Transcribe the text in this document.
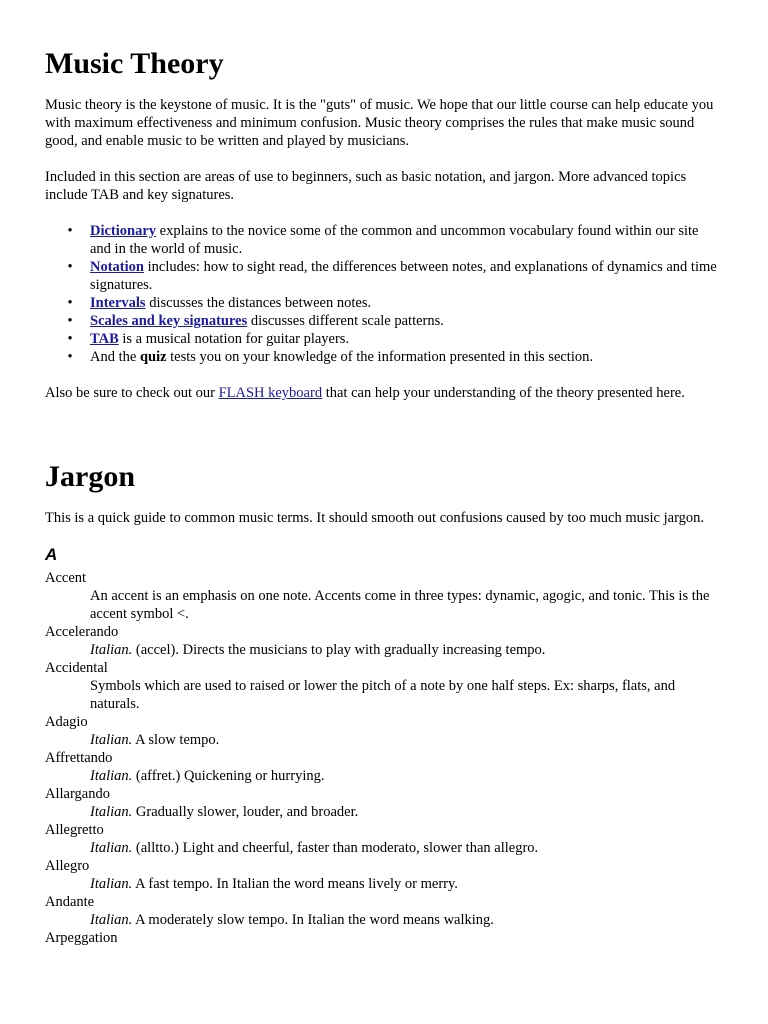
Music Theory

Music theory is the keystone of music. It is the "guts" of music. We hope that our little course can help educate you with maximum effectiveness and minimum confusion. Music theory comprises the rules that make music sound good, and enable music to be written and played by musicians.

Included in this section are areas of use to beginners, such as basic notation, and jargon. More advanced topics include TAB and key signatures.

• Dictionary explains to the novice some of the common and uncommon vocabulary found within our site and in the world of music.
• Notation includes: how to sight read, the differences between notes, and explanations of dynamics and time signatures.
• Intervals discusses the distances between notes.
• Scales and key signatures discusses different scale patterns.
• TAB is a musical notation for guitar players.
• And the quiz tests you on your knowledge of the information presented in this section.

Also be sure to check out our FLASH keyboard that can help your understanding of the theory presented here.

Jargon

This is a quick guide to common music terms. It should smooth out confusions caused by too much music jargon.

A
Accent
An accent is an emphasis on one note. Accents come in three types: dynamic, agogic, and tonic. This is the accent symbol <.
Accelerando
Italian. (accel). Directs the musicians to play with gradually increasing tempo.
Accidental
Symbols which are used to raised or lower the pitch of a note by one half steps. Ex: sharps, flats, and naturals.
Adagio
Italian. A slow tempo.
Affrettando
Italian. (affret.) Quickening or hurrying.
Allargando
Italian. Gradually slower, louder, and broader.
Allegretto
Italian. (alltto.) Light and cheerful, faster than moderato, slower than allegro.
Allegro
Italian. A fast tempo. In Italian the word means lively or merry.
Andante
Italian. A moderately slow tempo. In Italian the word means walking.
Arpeggation
